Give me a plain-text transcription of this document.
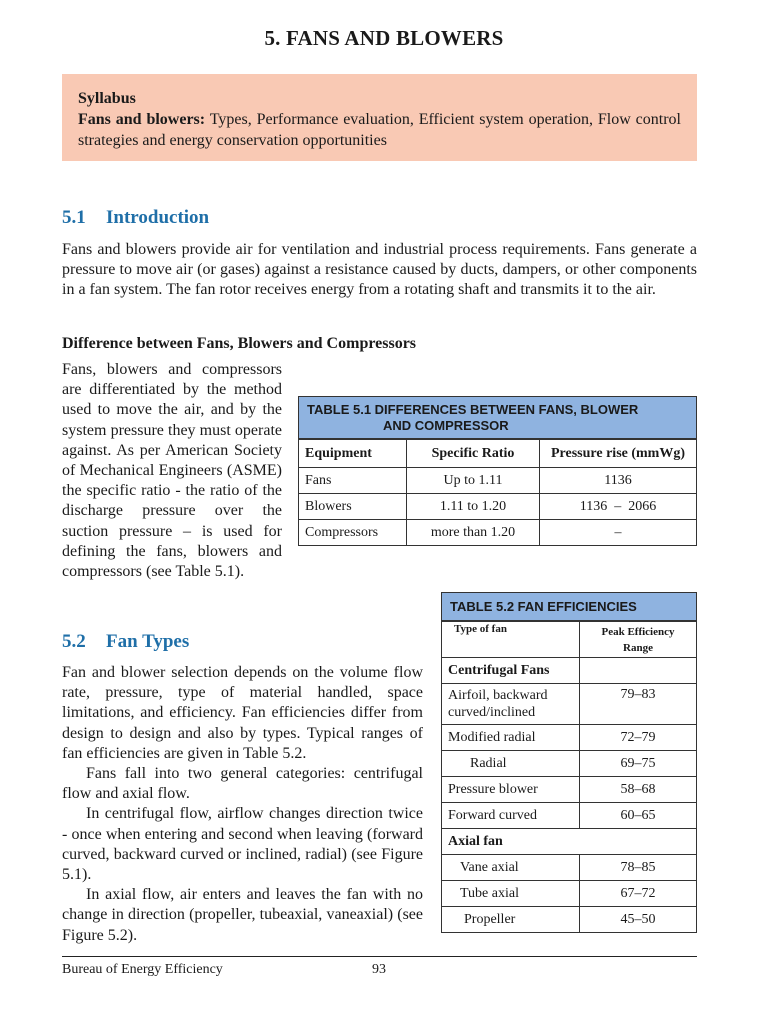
5. FANS AND BLOWERS
Syllabus
Fans and blowers: Types, Performance evaluation, Efficient system operation, Flow control strategies and energy conservation opportunities
5.1 Introduction
Fans and blowers provide air for ventilation and industrial process requirements. Fans generate a pressure to move air (or gases) against a resistance caused by ducts, dampers, or other components in a fan system. The fan rotor receives energy from a rotating shaft and transmits it to the air.
Difference between Fans, Blowers and Compressors
Fans, blowers and compressors are differentiated by the method used to move the air, and by the system pressure they must operate against. As per American Society of Mechanical Engineers (ASME) the specific ratio - the ratio of the discharge pressure over the suction pressure – is used for defining the fans, blowers and compressors (see Table 5.1).
TABLE 5.1 DIFFERENCES BETWEEN FANS, BLOWER
AND COMPRESSOR
Equipment	Specific Ratio	Pressure rise (mmWg)
Fans	Up to 1.11	1136
Blowers	1.11 to 1.20	1136  –  2066
Compressors	more than 1.20	–
5.2 Fan Types
Fan and blower selection depends on the volume flow rate, pressure, type of material handled, space limitations, and efficiency. Fan efficiencies differ from design to design and also by types. Typical ranges of fan efficiencies are given in Table 5.2.
Fans fall into two general categories: centrifugal flow and axial flow.
In centrifugal flow, airflow changes direction twice - once when entering and second when leaving (forward curved, backward curved or inclined, radial) (see Figure 5.1).
In axial flow, air enters and leaves the fan with no change in direction (propeller, tubeaxial, vaneaxial) (see Figure 5.2).
TABLE 5.2 FAN EFFICIENCIES
Type of fan	Peak Efficiency
Range

Centrifugal Fans	
Airfoil, backward curved/inclined	79–83
Modified radial	72–79
Radial	69–75
Pressure blower	58–68
Forward curved	60–65
Axial fan	
Vane axial	78–85
Tube axial	67–72
Propeller	45–50
Bureau of Energy Efficiency	93
